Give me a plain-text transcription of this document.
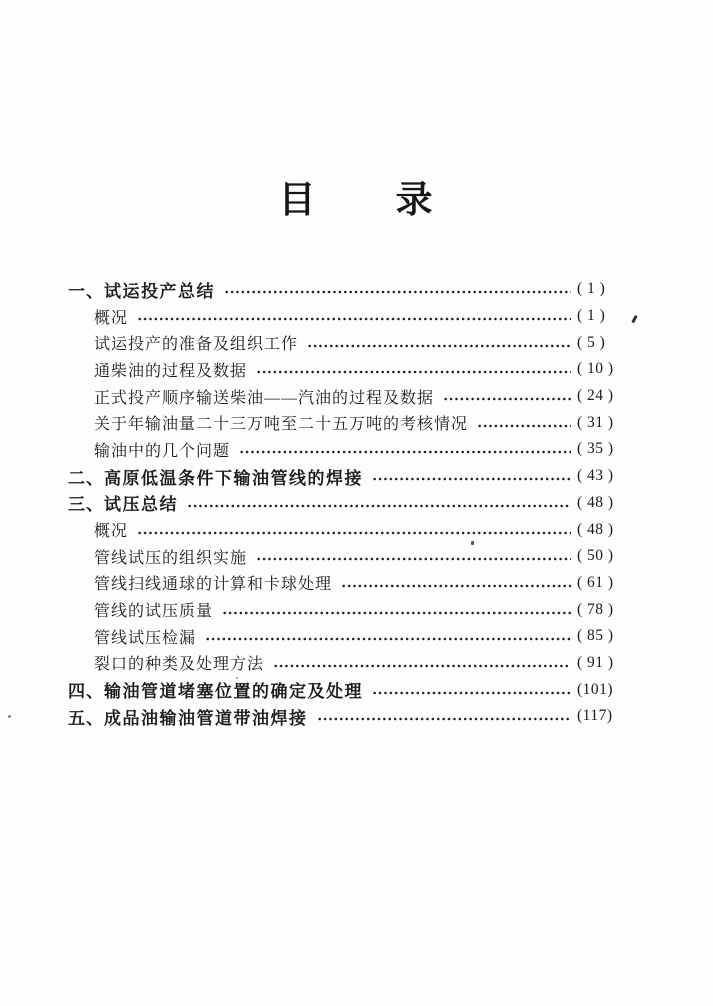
目　　录
一、 试运投产总结	( 1 )
概况	( 1 )
试运投产的准备及组织工作	( 5 )
通柴油的过程及数据	( 10 )
正式投产顺序输送柴油——汽油的过程及数据	( 24 )
关于年输油量二十三万吨至二十五万吨的考核情况	( 31 )
输油中的几个问题	( 35 )
二、 高原低温条件下输油管线的焊接	( 43 )
三、 试压总结	( 48 )
概况	( 48 )
管线试压的组织实施	( 50 )
管线扫线通球的计算和卡球处理	( 61 )
管线的试压质量	( 78 )
管线试压检漏	( 85 )
裂口的种类及处理方法	( 91 )
四、 输油管道堵塞位置的确定及处理	(101)
五、 成品油输油管道带油焊接	(117)
